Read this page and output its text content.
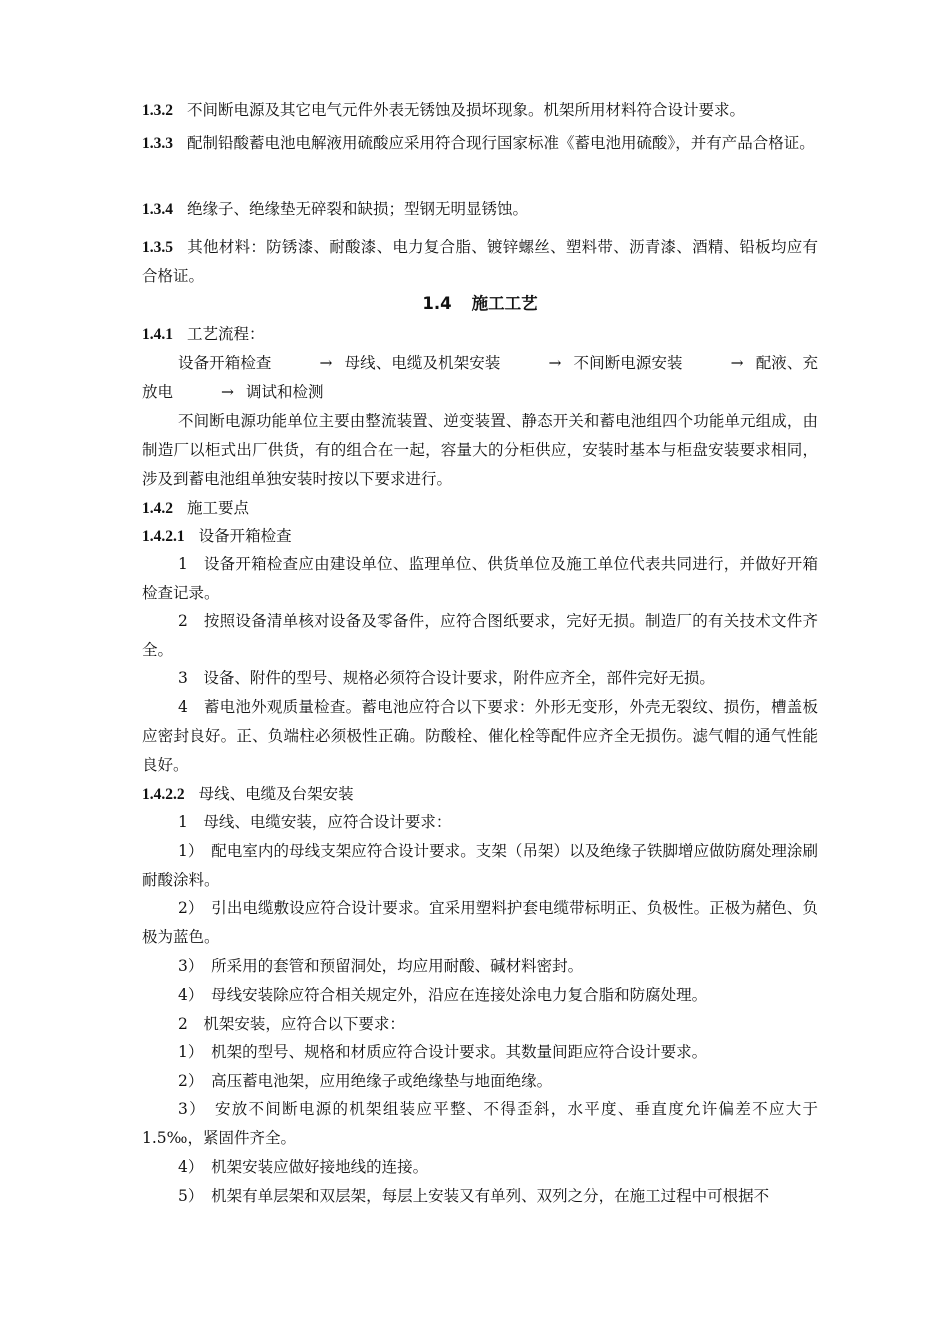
1.3.2 不间断电源及其它电气元件外表无锈蚀及损坏现象。机架所用材料符合设计要求。

1.3.3 配制铅酸蓄电池电解液用硫酸应采用符合现行国家标准《蓄电池用硫酸》，并有产品合格证。

1.3.4 绝缘子、绝缘垫无碎裂和缺损；型钢无明显锈蚀。

1.3.5 其他材料：防锈漆、耐酸漆、电力复合脂、镀锌螺丝、塑料带、沥青漆、酒精、铅板均应有合格证。

1.4 施工工艺

1.4.1 工艺流程：

设备开箱检查	→ 母线、电缆及机架安装	→ 不间断电源安装	→ 配液、充放电	→ 调试和检测

不间断电源功能单位主要由整流装置、逆变装置、静态开关和蓄电池组四个功能单元组成，由制造厂以柜式出厂供货，有的组合在一起，容量大的分柜供应，安装时基本与柜盘安装要求相同，涉及到蓄电池组单独安装时按以下要求进行。

1.4.2 施工要点

1.4.2.1 设备开箱检查

1　设备开箱检查应由建设单位、监理单位、供货单位及施工单位代表共同进行，并做好开箱检查记录。

2　按照设备清单核对设备及零备件，应符合图纸要求，完好无损。制造厂的有关技术文件齐全。

3　设备、附件的型号、规格必须符合设计要求，附件应齐全，部件完好无损。

4　蓄电池外观质量检查。蓄电池应符合以下要求：外形无变形，外壳无裂纹、损伤，槽盖板应密封良好。正、负端柱必须极性正确。防酸栓、催化栓等配件应齐全无损伤。滤气帽的通气性能良好。

1.4.2.2 母线、电缆及台架安装

1　母线、电缆安装，应符合设计要求：

1）　配电室内的母线支架应符合设计要求。支架（吊架）以及绝缘子铁脚增应做防腐处理涂刷耐酸涂料。

2）　引出电缆敷设应符合设计要求。宜采用塑料护套电缆带标明正、负极性。正极为赭色、负极为蓝色。

3）　所采用的套管和预留洞处，均应用耐酸、碱材料密封。

4）　母线安装除应符合相关规定外，沿应在连接处涂电力复合脂和防腐处理。

2　机架安装，应符合以下要求：

1）　机架的型号、规格和材质应符合设计要求。其数量间距应符合设计要求。

2）　高压蓄电池架，应用绝缘子或绝缘垫与地面绝缘。

3）　安放不间断电源的机架组装应平整、不得歪斜，水平度、垂直度允许偏差不应大于1.5‰，紧固件齐全。

4）　机架安装应做好接地线的连接。

5）　机架有单层架和双层架，每层上安装又有单列、双列之分，在施工过程中可根据不
